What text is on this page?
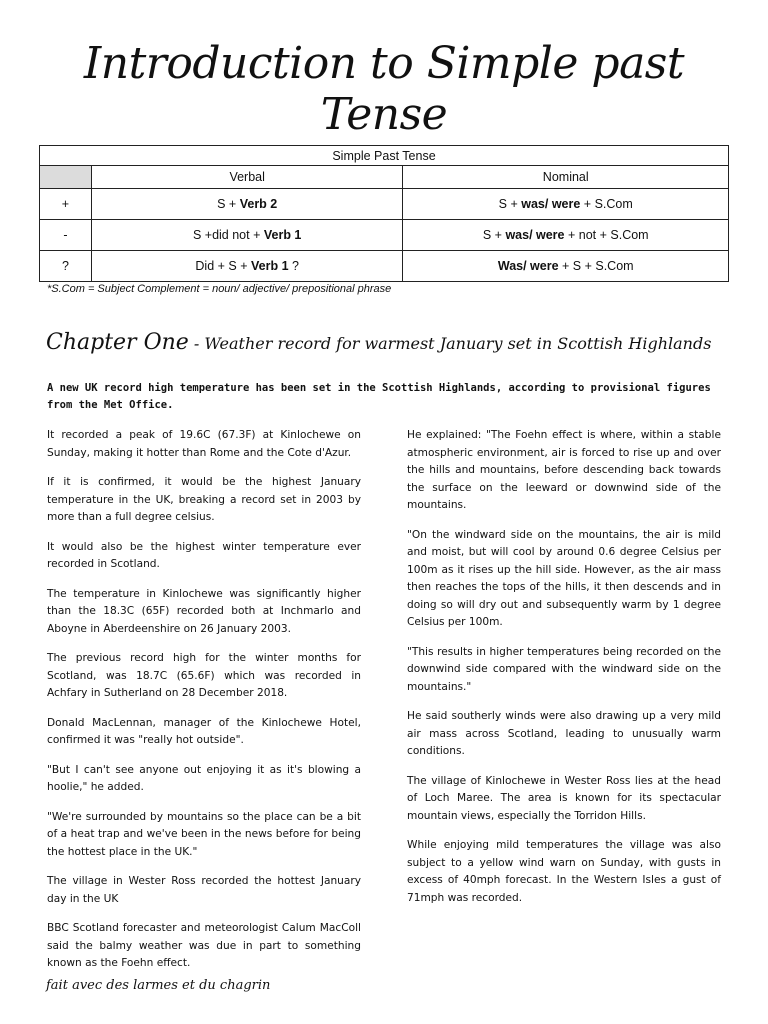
Introduction to Simple past Tense
Simple Past Tense		
	Verbal	Nominal
+	S + Verb 2	S + was/ were + S.Com
-	S +did not + Verb 1	S + was/ were + not + S.Com
?	Did + S + Verb 1 ?	Was/ were + S + S.Com
*S.Com = Subject Complement = noun/ adjective/ prepositional phrase
Chapter One - Weather record for warmest January set in Scottish Highlands
A new UK record high temperature has been set in the Scottish Highlands, according to provisional figures from the Met Office.

It recorded a peak of 19.6C (67.3F) at Kinlochewe on Sunday, making it hotter than Rome and the Cote d'Azur.

If it is confirmed, it would be the highest January temperature in the UK, breaking a record set in 2003 by more than a full degree celsius.

It would also be the highest winter temperature ever recorded in Scotland.

The temperature in Kinlochewe was significantly higher than the 18.3C (65F) recorded both at Inchmarlo and Aboyne in Aberdeenshire on 26 January 2003.

The previous record high for the winter months for Scotland, was 18.7C (65.6F) which was recorded in Achfary in Sutherland on 28 December 2018.

Donald MacLennan, manager of the Kinlochewe Hotel, confirmed it was "really hot outside".

"But I can't see anyone out enjoying it as it's blowing a hoolie," he added.

"We're surrounded by mountains so the place can be a bit of a heat trap and we've been in the news before for being the hottest place in the UK."

The village in Wester Ross recorded the hottest January day in the UK

BBC Scotland forecaster and meteorologist Calum MacColl said the balmy weather was due in part to something known as the Foehn effect.

He explained: "The Foehn effect is where, within a stable atmospheric environment, air is forced to rise up and over the hills and mountains, before descending back towards the surface on the leeward or downwind side of the mountains.

"On the windward side on the mountains, the air is mild and moist, but will cool by around 0.6 degree Celsius per 100m as it rises up the hill side. However, as the air mass then reaches the tops of the hills, it then descends and in doing so will dry out and subsequently warm by 1 degree Celsius per 100m.

"This results in higher temperatures being recorded on the downwind side compared with the windward side on the mountains."

He said southerly winds were also drawing up a very mild air mass across Scotland, leading to unusually warm conditions.

The village of Kinlochewe in Wester Ross lies at the head of Loch Maree. The area is known for its spectacular mountain views, especially the Torridon Hills.

While enjoying mild temperatures the village was also subject to a yellow wind warn on Sunday, with gusts in excess of 40mph forecast. In the Western Isles a gust of 71mph was recorded.

fait avec des larmes et du chagrin
